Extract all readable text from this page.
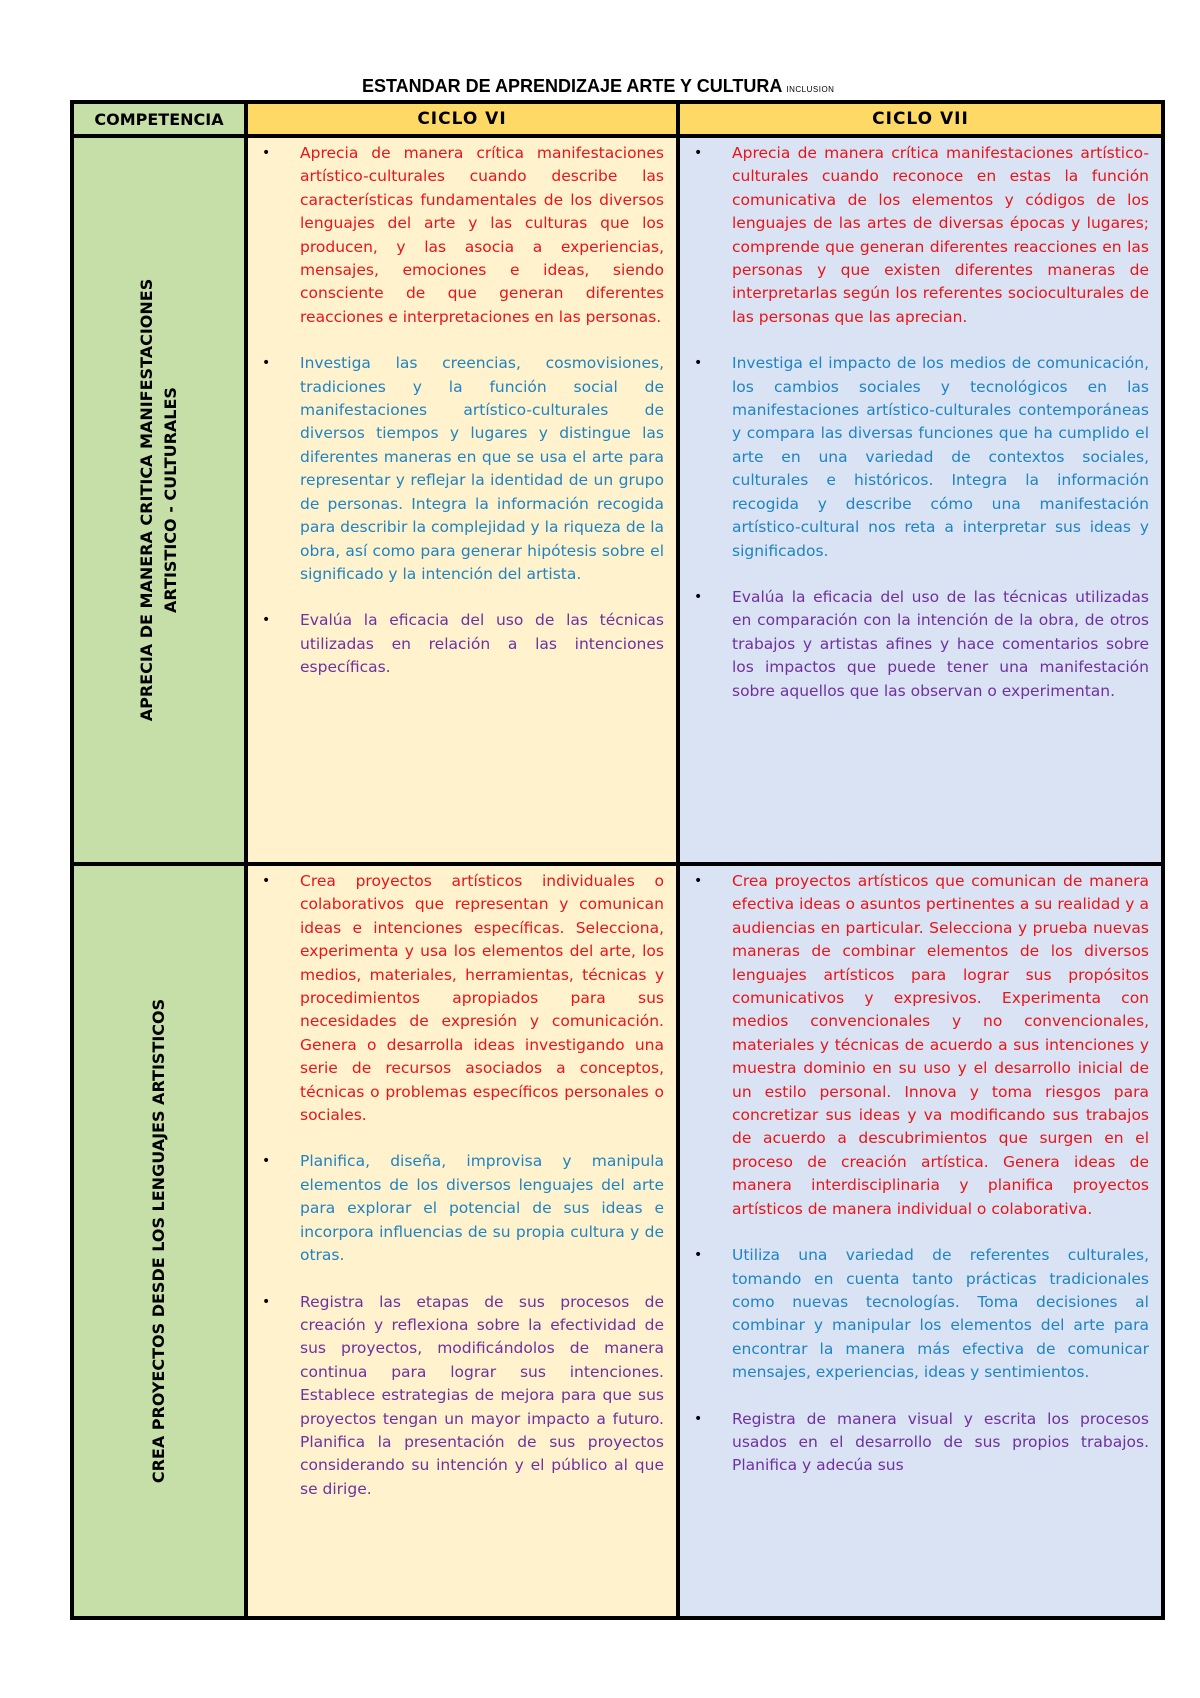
ESTANDAR DE APRENDIZAJE ARTE Y CULTURA INCLUSION
COMPETENCIA	CICLO VI	CICLO VII
APRECIA DE MANERA CRITICA MANIFESTACIONES ARTISTICO - CULTURALES
CREA PROYECTOS DESDE LOS LENGUAJES ARTISTICOS
• Aprecia de manera crítica manifestaciones artístico-culturales cuando describe las características fundamentales de los diversos lenguajes del arte y las culturas que los producen, y las asocia a experiencias, mensajes, emociones e ideas, siendo consciente de que generan diferentes reacciones e interpretaciones en las personas.
• Investiga las creencias, cosmovisiones, tradiciones y la función social de manifestaciones artístico-culturales de diversos tiempos y lugares y distingue las diferentes maneras en que se usa el arte para representar y reflejar la identidad de un grupo de personas. Integra la información recogida para describir la complejidad y la riqueza de la obra, así como para generar hipótesis sobre el significado y la intención del artista.
• Evalúa la eficacia del uso de las técnicas utilizadas en relación a las intenciones específicas.
• Aprecia de manera crítica manifestaciones artístico-culturales cuando reconoce en estas la función comunicativa de los elementos y códigos de los lenguajes de las artes de diversas épocas y lugares; comprende que generan diferentes reacciones en las personas y que existen diferentes maneras de interpretarlas según los referentes socioculturales de las personas que las aprecian.
• Investiga el impacto de los medios de comunicación, los cambios sociales y tecnológicos en las manifestaciones artístico-culturales contemporáneas y compara las diversas funciones que ha cumplido el arte en una variedad de contextos sociales, culturales e históricos. Integra la información recogida y describe cómo una manifestación artístico-cultural nos reta a interpretar sus ideas y significados.
• Evalúa la eficacia del uso de las técnicas utilizadas en comparación con la intención de la obra, de otros trabajos y artistas afines y hace comentarios sobre los impactos que puede tener una manifestación sobre aquellos que las observan o experimentan.
• Crea proyectos artísticos individuales o colaborativos que representan y comunican ideas e intenciones específicas. Selecciona, experimenta y usa los elementos del arte, los medios, materiales, herramientas, técnicas y procedimientos apropiados para sus necesidades de expresión y comunicación. Genera o desarrolla ideas investigando una serie de recursos asociados a conceptos, técnicas o problemas específicos personales o sociales.
• Planifica, diseña, improvisa y manipula elementos de los diversos lenguajes del arte para explorar el potencial de sus ideas e incorpora influencias de su propia cultura y de otras.
• Registra las etapas de sus procesos de creación y reflexiona sobre la efectividad de sus proyectos, modificándolos de manera continua para lograr sus intenciones. Establece estrategias de mejora para que sus proyectos tengan un mayor impacto a futuro. Planifica la presentación de sus proyectos considerando su intención y el público al que se dirige.
• Crea proyectos artísticos que comunican de manera efectiva ideas o asuntos pertinentes a su realidad y a audiencias en particular. Selecciona y prueba nuevas maneras de combinar elementos de los diversos lenguajes artísticos para lograr sus propósitos comunicativos y expresivos. Experimenta con medios convencionales y no convencionales, materiales y técnicas de acuerdo a sus intenciones y muestra dominio en su uso y el desarrollo inicial de un estilo personal. Innova y toma riesgos para concretizar sus ideas y va modificando sus trabajos de acuerdo a descubrimientos que surgen en el proceso de creación artística. Genera ideas de manera interdisciplinaria y planifica proyectos artísticos de manera individual o colaborativa.
• Utiliza una variedad de referentes culturales, tomando en cuenta tanto prácticas tradicionales como nuevas tecnologías. Toma decisiones al combinar y manipular los elementos del arte para encontrar la manera más efectiva de comunicar mensajes, experiencias, ideas y sentimientos.
• Registra de manera visual y escrita los procesos usados en el desarrollo de sus propios trabajos. Planifica y adecúa sus
